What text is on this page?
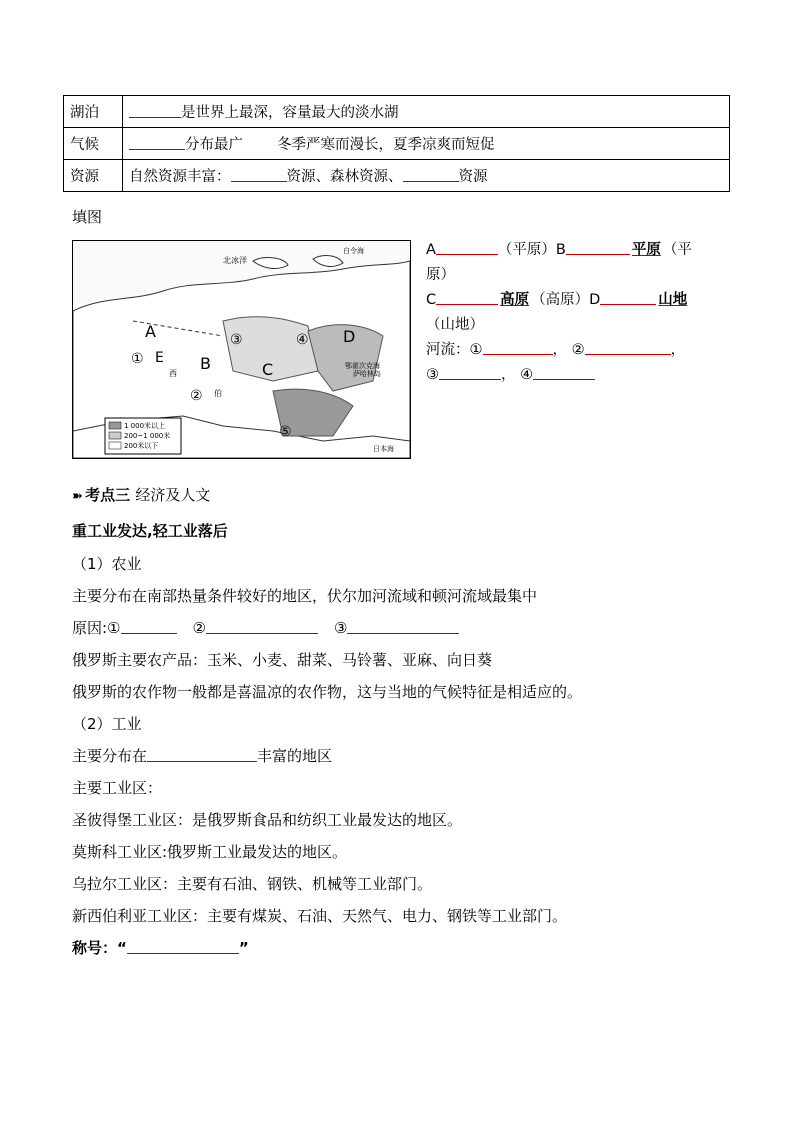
湖泊	是世界上最深，容量最大的淡水湖
气候	分布最广 冬季严寒而漫长，夏季凉爽而短促
资源	自然资源丰富： 资源、森林资源、 资源
填图
1 000米以上
200~1 000米
200米以下
北冰洋
白令海
日本海
萨哈林岛
鄂霍次克海
A
B	C
D
E
①
②
③	④
⑤
西
伯
A	（平原）B	平原 （平
原）
C	高原 （高原）D	山地
（山地）
河流：①	， ②	，
③	， ④
➽ 考点三 经济及人文
重工业发达,轻工业落后
（1）农业
主要分布在南部热量条件较好的地区，伏尔加河流域和顿河流域最集中
原因:①	②	③
俄罗斯主要农产品：玉米、小麦、甜菜、马铃薯、亚麻、向日葵
俄罗斯的农作物一般都是喜温凉的农作物，这与当地的气候特征是相适应的。
（2）工业
主要分布在	丰富的地区
主要工业区：
圣彼得堡工业区：是俄罗斯食品和纺织工业最发达的地区。
莫斯科工业区:俄罗斯工业最发达的地区。
乌拉尔工业区：主要有石油、钢铁、机械等工业部门。
新西伯利亚工业区：主要有煤炭、石油、天然气、电力、钢铁等工业部门。
称号：“	”
